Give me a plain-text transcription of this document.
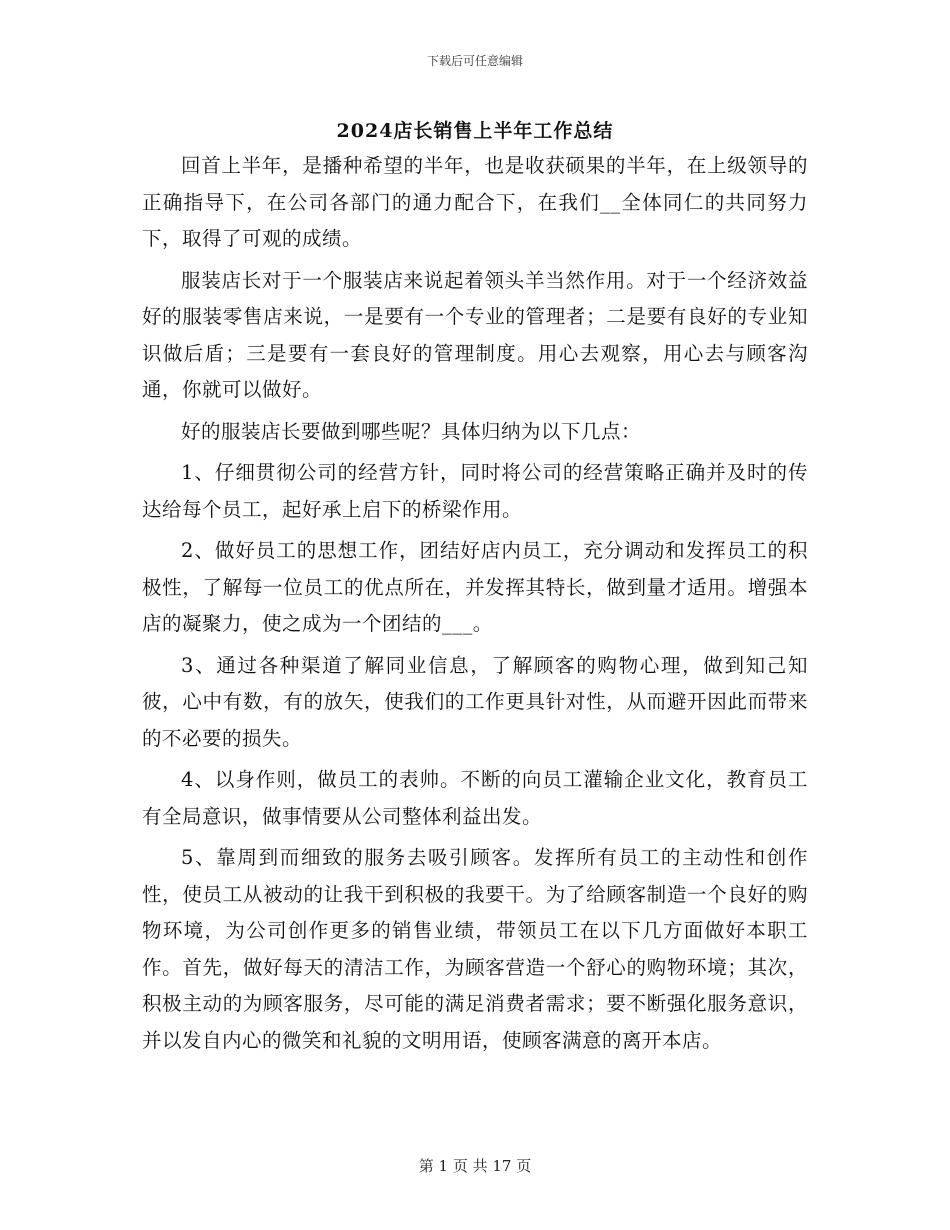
下载后可任意编辑
2024店长销售上半年工作总结

回首上半年，是播种希望的半年，也是收获硕果的半年，在上级领导的正确指导下，在公司各部门的通力配合下，在我们__全体同仁的共同努力下，取得了可观的成绩。

服装店长对于一个服装店来说起着领头羊当然作用。对于一个经济效益好的服装零售店来说，一是要有一个专业的管理者；二是要有良好的专业知识做后盾；三是要有一套良好的管理制度。用心去观察，用心去与顾客沟通，你就可以做好。

好的服装店长要做到哪些呢？具体归纳为以下几点：

1、仔细贯彻公司的经营方针，同时将公司的经营策略正确并及时的传达给每个员工，起好承上启下的桥梁作用。

2、做好员工的思想工作，团结好店内员工，充分调动和发挥员工的积极性，了解每一位员工的优点所在，并发挥其特长，做到量才适用。增强本店的凝聚力，使之成为一个团结的___。

3、通过各种渠道了解同业信息，了解顾客的购物心理，做到知己知彼，心中有数，有的放矢，使我们的工作更具针对性，从而避开因此而带来的不必要的损失。

4、以身作则，做员工的表帅。不断的向员工灌输企业文化，教育员工有全局意识，做事情要从公司整体利益出发。

5、靠周到而细致的服务去吸引顾客。发挥所有员工的主动性和创作性，使员工从被动的让我干到积极的我要干。为了给顾客制造一个良好的购物环境，为公司创作更多的销售业绩，带领员工在以下几方面做好本职工作。首先，做好每天的清洁工作，为顾客营造一个舒心的购物环境；其次，积极主动的为顾客服务，尽可能的满足消费者需求；要不断强化服务意识，并以发自内心的微笑和礼貌的文明用语，使顾客满意的离开本店。

第 1 页 共 17 页
